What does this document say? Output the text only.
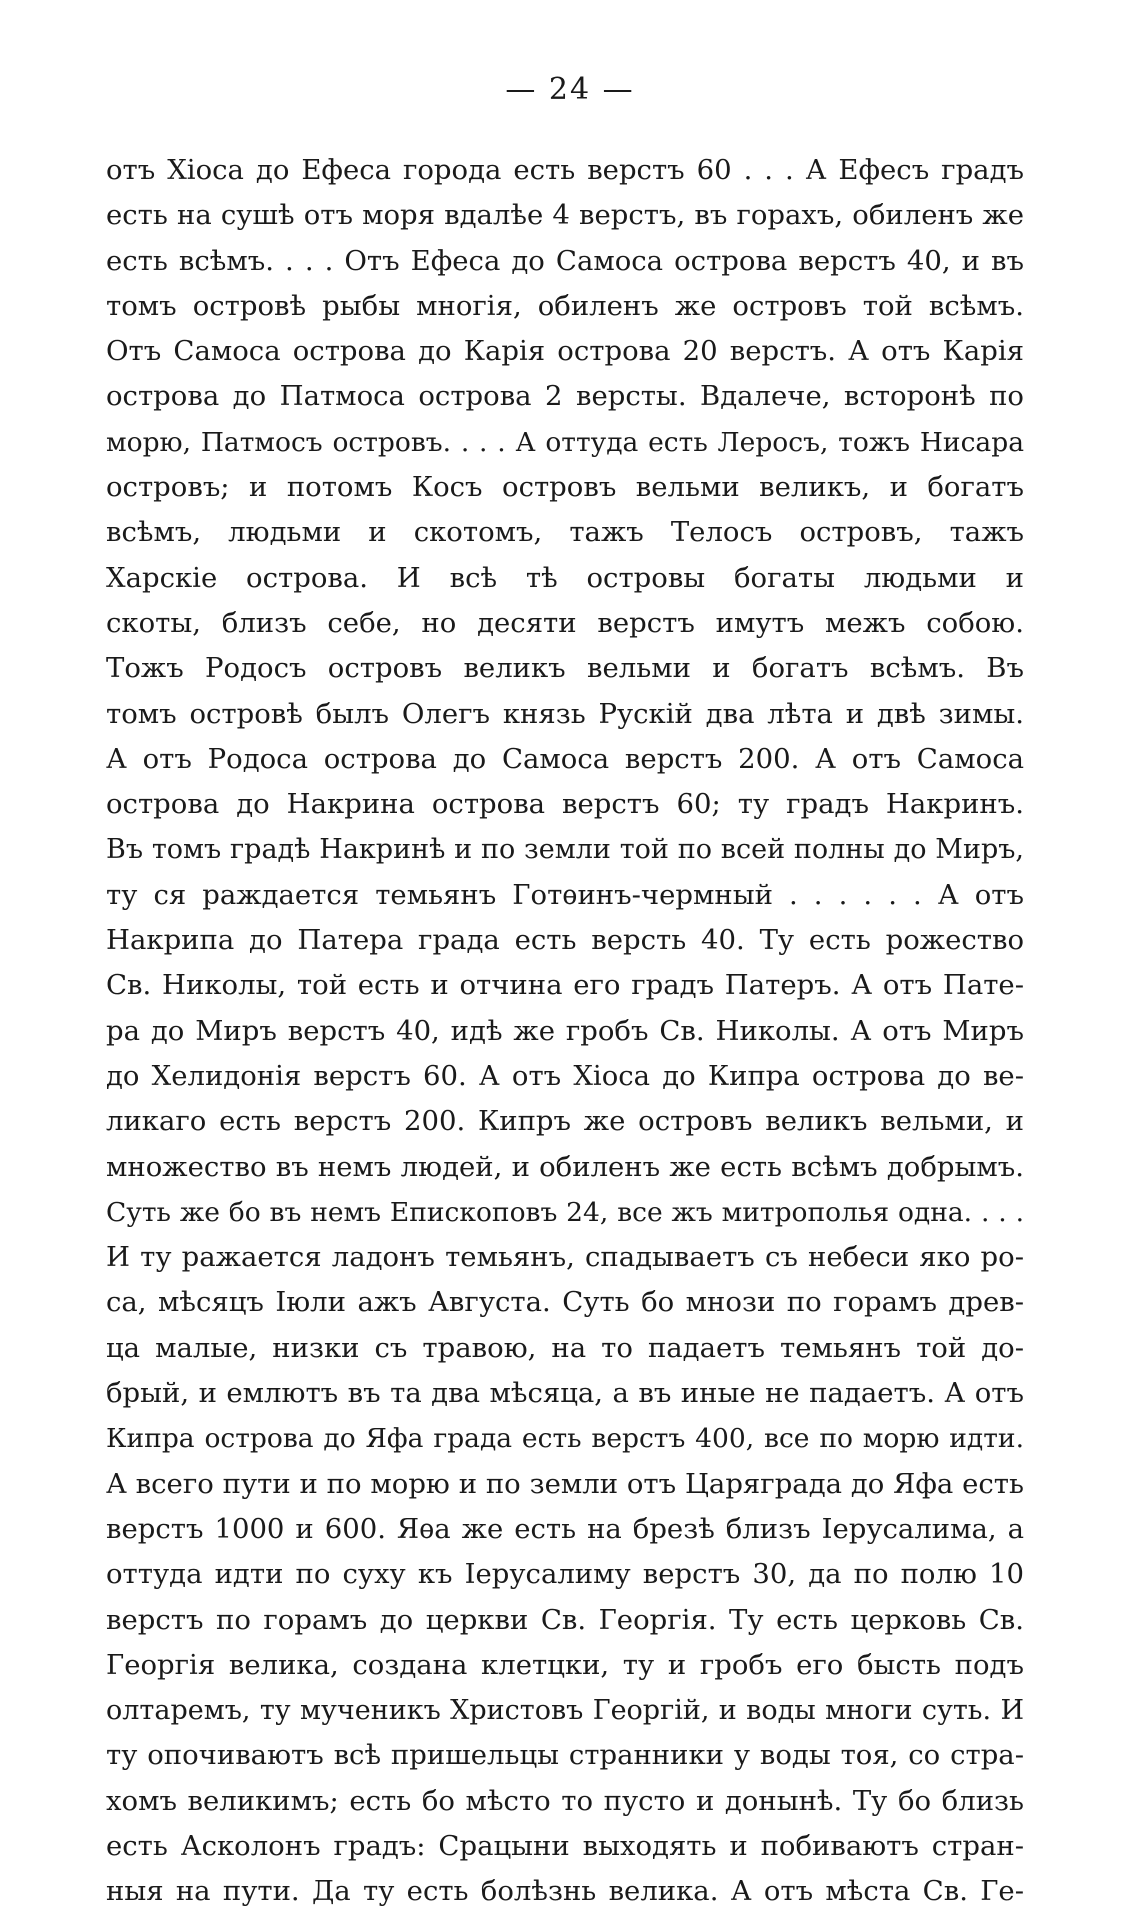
— 24 —
отъ Хіоса до Ефеса города есть верстъ 60 . . . А Ефесъ градъ
есть на сушѣ отъ моря вдалѣе 4 верстъ, въ горахъ, обиленъ же
есть всѣмъ. . . . Отъ Ефеса до Самоса острова верстъ 40, и въ
томъ островѣ рыбы многія, обиленъ же островъ той всѣмъ.
Отъ Самоса острова до Карія острова 20 верстъ. А отъ Карія
острова до Патмоса острова 2 версты. Вдалече, всторонѣ по
морю, Патмосъ островъ. . . . А оттуда есть Леросъ, тожъ Нисара
островъ; и потомъ Косъ островъ вельми великъ, и богатъ
всѣмъ, людьми и скотомъ, тажъ Телосъ островъ, тажъ
Харскіе острова. И всѣ тѣ островы богаты людьми и
скоты, близъ себе, но десяти верстъ имутъ межъ собою.
Тожъ Родосъ островъ великъ вельми и богатъ всѣмъ. Въ
томъ островѣ былъ Олегъ князь Рускій два лѣта и двѣ зимы.
А отъ Родоса острова до Самоса верстъ 200. А отъ Самоса
острова до Накрина острова верстъ 60; ту градъ Накринъ.
Въ томъ градѣ Накринѣ и по земли той по всей полны до Миръ,
ту ся раждается темьянъ Готѳинъ-чермный . . . . . . А отъ
Накрипа до Патера града есть версть 40. Ту есть рожество
Св. Николы, той есть и отчина его градъ Патеръ. А отъ Пате-
ра до Миръ верстъ 40, идѣ же гробъ Св. Николы. А отъ Миръ
до Хелидонія верстъ 60. А отъ Хіоса до Кипра острова до ве-
ликаго есть верстъ 200. Кипръ же островъ великъ вельми, и
множество въ немъ людей, и обиленъ же есть всѣмъ добрымъ.
Суть же бо въ немъ Епископовъ 24, все жъ митрополья одна. . . .
И ту ражается ладонъ темьянъ, спадываетъ съ небеси яко ро-
са, мѣсяцъ Іюли ажъ Августа. Суть бо мнози по горамъ древ-
ца малые, низки съ травою, на то падаетъ темьянъ той до-
брый, и емлютъ въ та два мѣсяца, а въ иные не падаетъ. А отъ
Кипра острова до Яфа града есть верстъ 400, все по морю идти.
А всего пути и по морю и по земли отъ Царяграда до Яфа есть
верстъ 1000 и 600. Яѳа же есть на брезѣ близъ Іерусалима, а
оттуда идти по суху къ Іерусалиму верстъ 30, да по полю 10
верстъ по горамъ до церкви Св. Георгія. Ту есть церковь Св.
Георгія велика, создана клетцки, ту и гробъ его бысть подъ
олтаремъ, ту мученикъ Христовъ Георгій, и воды многи суть. И
ту опочиваютъ всѣ пришельцы странники у воды тоя, со стра-
хомъ великимъ; есть бо мѣсто то пусто и донынѣ. Ту бо близь
есть Асколонъ градъ: Срацыни выходять и побиваютъ стран-
ныя на пути. Да ту есть болѣзнь велика. А отъ мѣста Св. Ге-
